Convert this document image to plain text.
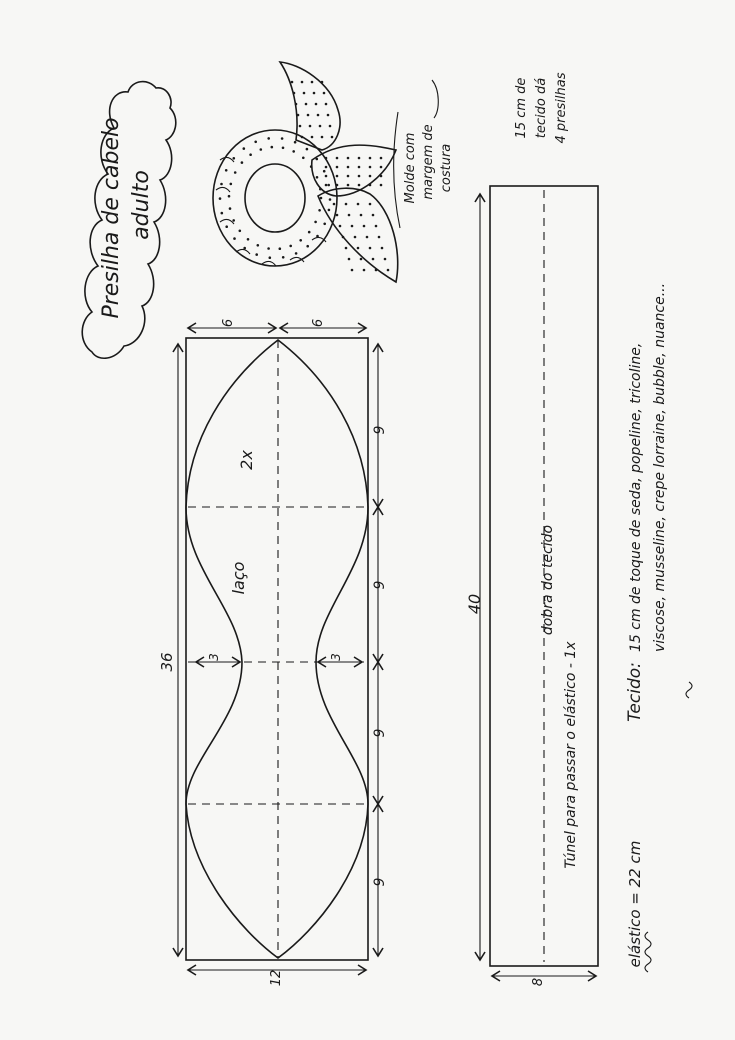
Presilha de cabelo adulto
Molde com margem de costura
15 cm de tecido dá 4 presilhas
2x
laço
6	6
36
9
9
9
9
3	3
12
dobra do tecido
Túnel para passar o elástico - 1x
40
8
Tecido:
15 cm de toque de seda, popeline, tricoline, viscose, musseline, crepe lorraine, bubble, nuance...
elástico = 22 cm
